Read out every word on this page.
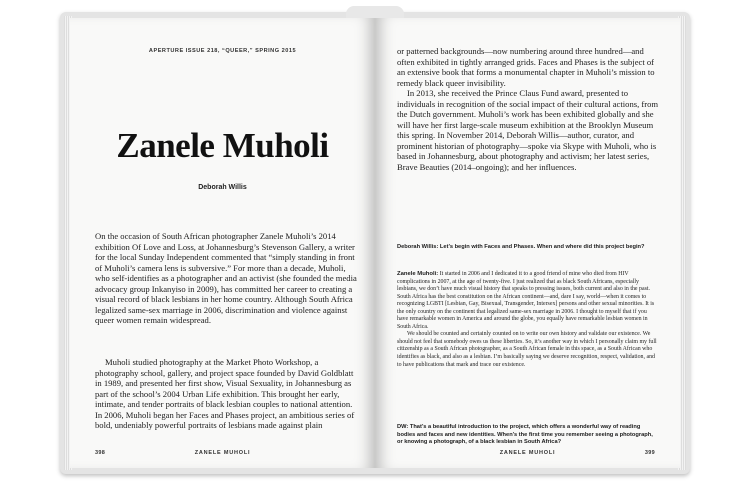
APERTURE ISSUE 218, “QUEER,” SPRING 2015
Zanele Muholi
Deborah Willis

On the occasion of South African photographer Zanele Muholi’s 2014 exhibition Of Love and Loss, at Johannesburg’s Stevenson Gallery, a writer for the local Sunday Independent commented that “simply standing in front of Muholi’s camera lens is subversive.” For more than a decade, Muholi, who self-identifies as a photographer and an activist (she founded the media advocacy group Inkanyiso in 2009), has committed her career to creating a visual record of black lesbians in her home country. Although South Africa legalized same-sex marriage in 2006, discrimination and violence against queer women remain widespread.

Muholi studied photography at the Market Photo Workshop, a photography school, gallery, and project space founded by David Goldblatt in 1989, and presented her first show, Visual Sexuality, in Johannesburg as part of the school’s 2004 Urban Life exhibition. This brought her early, intimate, and tender portraits of black lesbian couples to national attention. In 2006, Muholi began her Faces and Phases project, an ambitious series of bold, undeniably powerful portraits of lesbians made against plain

398	ZANELE MUHOLI

or patterned backgrounds—now numbering around three hundred—and often exhibited in tightly arranged grids. Faces and Phases is the subject of an extensive book that forms a monumental chapter in Muholi’s mission to remedy black queer invisibility.

In 2013, she received the Prince Claus Fund award, presented to individuals in recognition of the social impact of their cultural actions, from the Dutch government. Muholi’s work has been exhibited globally and she will have her first large-scale museum exhibition at the Brooklyn Museum this spring. In November 2014, Deborah Willis—author, curator, and prominent historian of photography—spoke via Skype with Muholi, who is based in Johannesburg, about photography and activism; her latest series, Brave Beauties (2014–ongoing); and her influences.

Deborah Willis: Let’s begin with Faces and Phases. When and where did this project begin?

Zanele Muholi: It started in 2006 and I dedicated it to a good friend of mine who died from HIV complications in 2007, at the age of twenty-five. I just realized that as black South Africans, especially lesbians, we don’t have much visual history that speaks to pressing issues, both current and also in the past. South Africa has the best constitution on the African continent—and, dare I say, world—when it comes to recognizing LGBTI [Lesbian, Gay, Bisexual, Transgender, Intersex] persons and other sexual minorities. It is the only country on the continent that legalized same-sex marriage in 2006. I thought to myself that if you have remarkable women in America and around the globe, you equally have remarkable lesbian women in South Africa.

We should be counted and certainly counted on to write our own history and validate our existence. We should not feel that somebody owes us these liberties. So, it’s another way in which I personally claim my full citizenship as a South African photographer, as a South African female in this space, as a South African who identifies as black, and also as a lesbian. I’m basically saying we deserve recognition, respect, validation, and to have publications that mark and trace our existence.

DW: That’s a beautiful introduction to the project, which offers a wonderful way of reading bodies and faces and new identities. When’s the first time you remember seeing a photograph, or knowing a photograph, of a black lesbian in South Africa?
ZANELE MUHOLI	399
